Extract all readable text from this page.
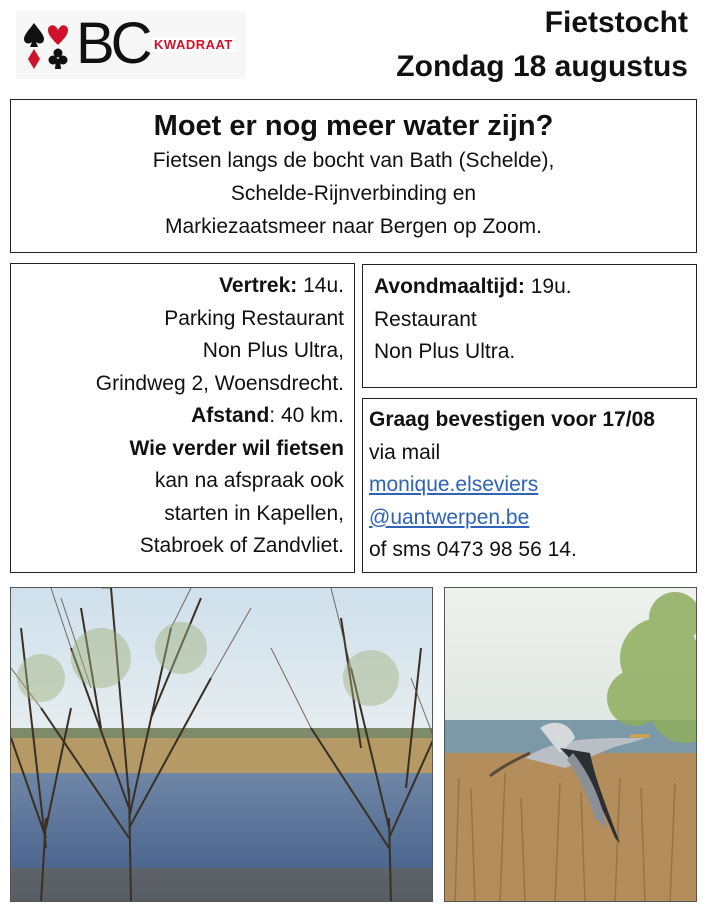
BC KWADRAAT
Fietstocht
Zondag 18 augustus
Moet er nog meer water zijn?
Fietsen langs de bocht van Bath (Schelde),
Schelde-Rijnverbinding en
Markiezaatsmeer naar Bergen op Zoom.
Vertrek: 14u.
Parking Restaurant
Non Plus Ultra,
Grindweg 2, Woensdrecht.
Afstand: 40 km.
Wie verder wil fietsen
kan na afspraak ook
starten in Kapellen,
Stabroek of Zandvliet.
Avondmaaltijd: 19u.
Restaurant
Non Plus Ultra.
Graag bevestigen voor 17/08
via mail
monique.elseviers
@uantwerpen.be
of sms 0473 98 56 14.
